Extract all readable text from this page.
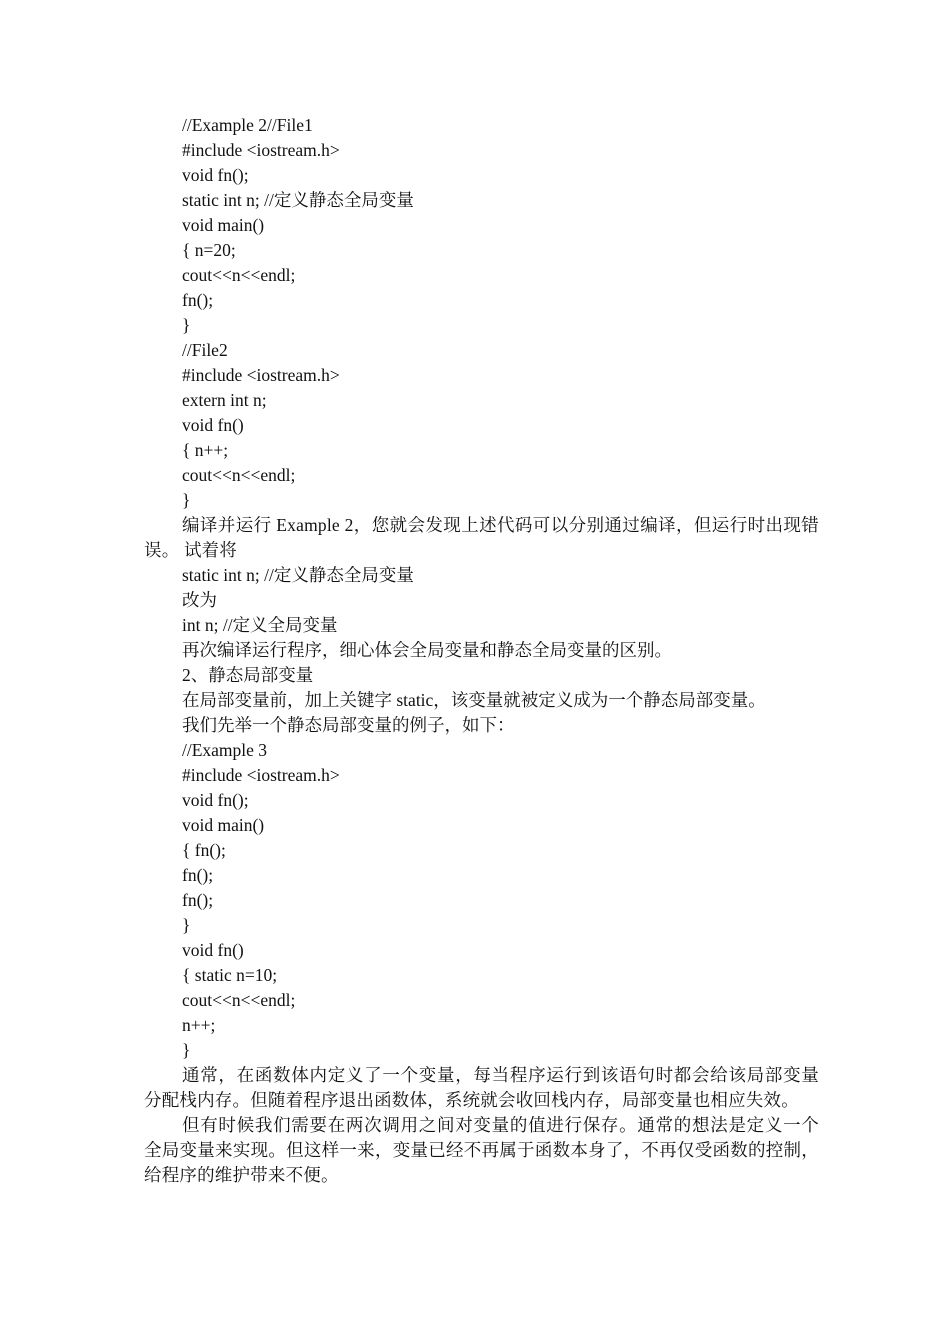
//Example 2//File1
#include <iostream.h>
void fn();
static int n; //定义静态全局变量
void main()
{ n=20;
cout<<n<<endl;
fn();
}
//File2
#include <iostream.h>
extern int n;
void fn()
{ n++;
cout<<n<<endl;
}
编译并运行 Example 2，您就会发现上述代码可以分别通过编译，但运行时出现错误。 试着将
static int n; //定义静态全局变量
改为
int n; //定义全局变量
再次编译运行程序，细心体会全局变量和静态全局变量的区别。
2、静态局部变量
在局部变量前，加上关键字 static，该变量就被定义成为一个静态局部变量。
我们先举一个静态局部变量的例子，如下：
//Example 3
#include <iostream.h>
void fn();
void main()
{ fn();
fn();
fn();
}
void fn()
{ static n=10;
cout<<n<<endl;
n++;
}
通常，在函数体内定义了一个变量，每当程序运行到该语句时都会给该局部变量分配栈内存。但随着程序退出函数体，系统就会收回栈内存，局部变量也相应失效。
但有时候我们需要在两次调用之间对变量的值进行保存。通常的想法是定义一个全局变量来实现。但这样一来，变量已经不再属于函数本身了，不再仅受函数的控制，给程序的维护带来不便。
